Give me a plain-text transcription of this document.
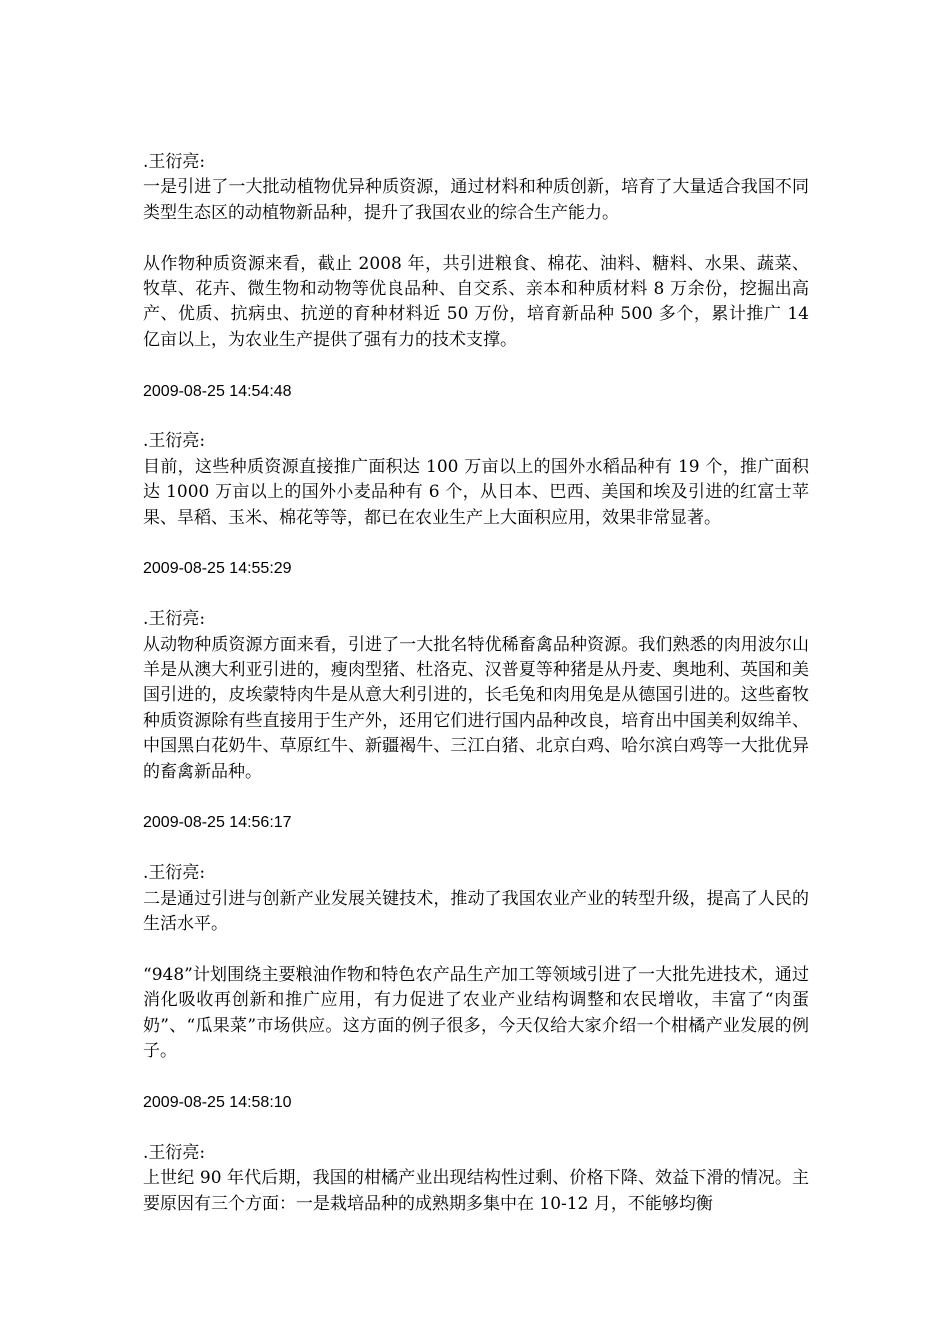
.王衍亮:
一是引进了一大批动植物优异种质资源，通过材料和种质创新，培育了大量适合我国不同类型生态区的动植物新品种，提升了我国农业的综合生产能力。
从作物种质资源来看，截止 2008 年，共引进粮食、棉花、油料、糖料、水果、蔬菜、牧草、花卉、微生物和动物等优良品种、自交系、亲本和种质材料 8 万余份，挖掘出高产、优质、抗病虫、抗逆的育种材料近 50 万份，培育新品种 500 多个，累计推广 14 亿亩以上，为农业生产提供了强有力的技术支撑。
2009-08-25 14:54:48
.王衍亮:
目前，这些种质资源直接推广面积达 100 万亩以上的国外水稻品种有 19 个，推广面积达 1000 万亩以上的国外小麦品种有 6 个，从日本、巴西、美国和埃及引进的红富士苹果、旱稻、玉米、棉花等等，都已在农业生产上大面积应用，效果非常显著。
2009-08-25 14:55:29
.王衍亮:
从动物种质资源方面来看，引进了一大批名特优稀畜禽品种资源。我们熟悉的肉用波尔山羊是从澳大利亚引进的，瘦肉型猪、杜洛克、汉普夏等种猪是从丹麦、奥地利、英国和美国引进的，皮埃蒙特肉牛是从意大利引进的，长毛兔和肉用兔是从德国引进的。这些畜牧种质资源除有些直接用于生产外，还用它们进行国内品种改良，培育出中国美利奴绵羊、中国黑白花奶牛、草原红牛、新疆褐牛、三江白猪、北京白鸡、哈尔滨白鸡等一大批优异的畜禽新品种。
2009-08-25 14:56:17
.王衍亮:
二是通过引进与创新产业发展关键技术，推动了我国农业产业的转型升级，提高了人民的生活水平。
“948”计划围绕主要粮油作物和特色农产品生产加工等领域引进了一大批先进技术，通过消化吸收再创新和推广应用，有力促进了农业产业结构调整和农民增收，丰富了“肉蛋奶”、“瓜果菜”市场供应。这方面的例子很多，今天仅给大家介绍一个柑橘产业发展的例子。
2009-08-25 14:58:10
.王衍亮:
上世纪 90 年代后期，我国的柑橘产业出现结构性过剩、价格下降、效益下滑的情况。主要原因有三个方面：一是栽培品种的成熟期多集中在 10-12 月，不能够均衡
